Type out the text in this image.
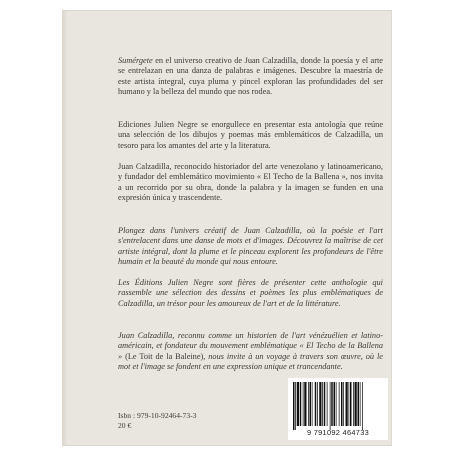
Sumérgete en el universo creativo de Juan Calzadilla, donde la poesía y el arte se entrelazan en una danza de palabras e imágenes. Descubre la maestría de este artista íntegral, cuya pluma y pincel exploran las profundidades del ser humano y la belleza del mundo que nos rodea.

Ediciones Julien Negre se enorgullece en presentar esta antología que reúne una selección de los dibujos y poemas más emblemáticos de Calzadilla, un tesoro para los amantes del arte y la literatura.

Juan Calzadilla, reconocido historiador del arte venezolano y latinoamericano, y fundador del emblemático movimiento « El Techo de la Ballena », nos invita a un recorrido por su obra, donde la palabra y la imagen se funden en una expresión única y trascendente.

Plongez dans l'univers créatif de Juan Calzadilla, où la poésie et l'art s'entrelacent dans une danse de mots et d'images. Découvrez la maîtrise de cet artiste intégral, dont la plume et le pinceau explorent les profondeurs de l'être humain et la beauté du monde qui nous entoure.

Les Éditions Julien Negre sont fières de présenter cette anthologie qui rassemble une sélection des dessins et poèmes les plus emblématiques de Calzadilla, un trésor pour les amoureux de l'art et de la littérature.

Juan Calzadilla, reconnu comme un historien de l'art vénézuélien et latino-américain, et fondateur du mouvement emblématique « El Techo de la Ballena » (Le Toit de la Baleine), nous invite à un voyage à travers son œuvre, où le mot et l'image se fondent en une expression unique et trancendante.

Isbn : 979-10-92464-73-3
20 €
9 791092 464733
